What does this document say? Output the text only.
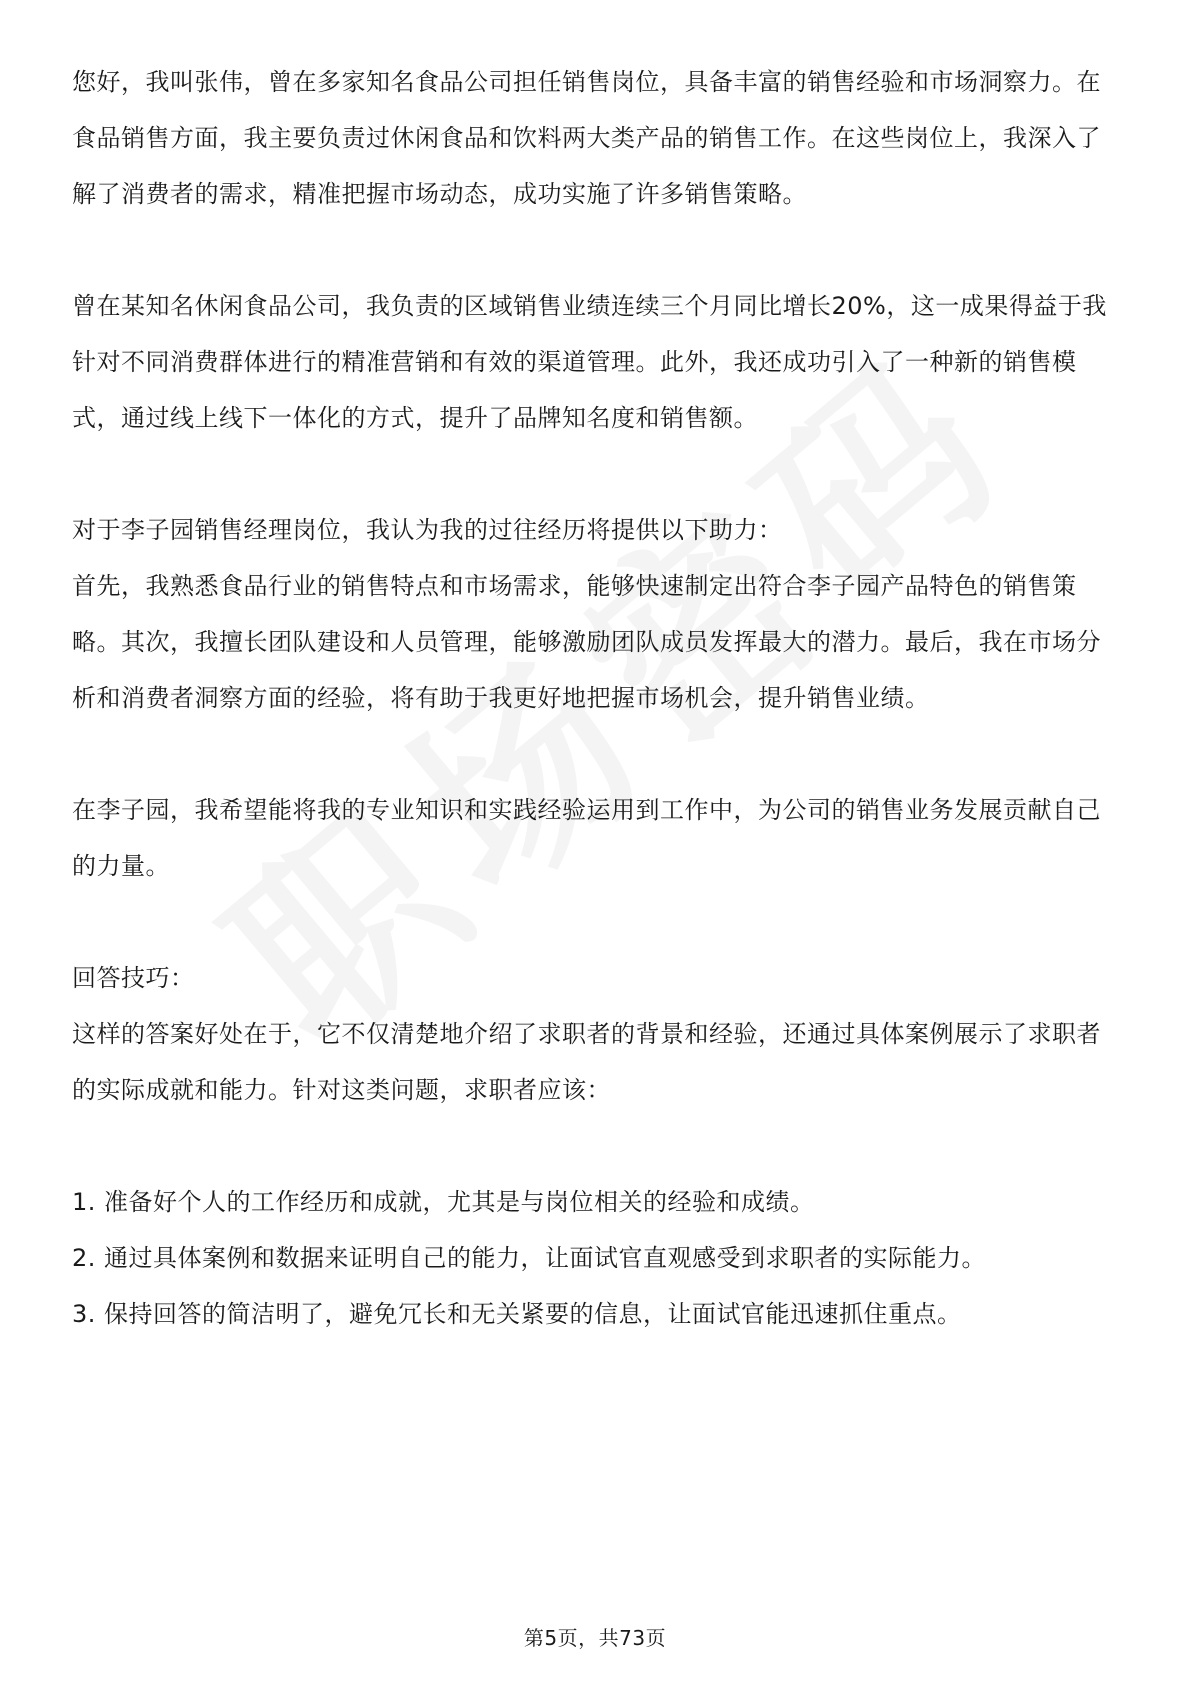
您好，我叫张伟，曾在多家知名食品公司担任销售岗位，具备丰富的销售经验和市场洞察力。在食品销售方面，我主要负责过休闲食品和饮料两大类产品的销售工作。在这些岗位上，我深入了解了消费者的需求，精准把握市场动态，成功实施了许多销售策略。

曾在某知名休闲食品公司，我负责的区域销售业绩连续三个月同比增长20%，这一成果得益于我针对不同消费群体进行的精准营销和有效的渠道管理。此外，我还成功引入了一种新的销售模式，通过线上线下一体化的方式，提升了品牌知名度和销售额。

对于李子园销售经理岗位，我认为我的过往经历将提供以下助力：

首先，我熟悉食品行业的销售特点和市场需求，能够快速制定出符合李子园产品特色的销售策略。其次，我擅长团队建设和人员管理，能够激励团队成员发挥最大的潜力。最后，我在市场分析和消费者洞察方面的经验，将有助于我更好地把握市场机会，提升销售业绩。

在李子园，我希望能将我的专业知识和实践经验运用到工作中，为公司的销售业务发展贡献自己的力量。

回答技巧：

这样的答案好处在于，它不仅清楚地介绍了求职者的背景和经验，还通过具体案例展示了求职者的实际成就和能力。针对这类问题，求职者应该：

1. 准备好个人的工作经历和成就，尤其是与岗位相关的经验和成绩。

2. 通过具体案例和数据来证明自己的能力，让面试官直观感受到求职者的实际能力。

3. 保持回答的简洁明了，避免冗长和无关紧要的信息，让面试官能迅速抓住重点。

第5页，共73页
